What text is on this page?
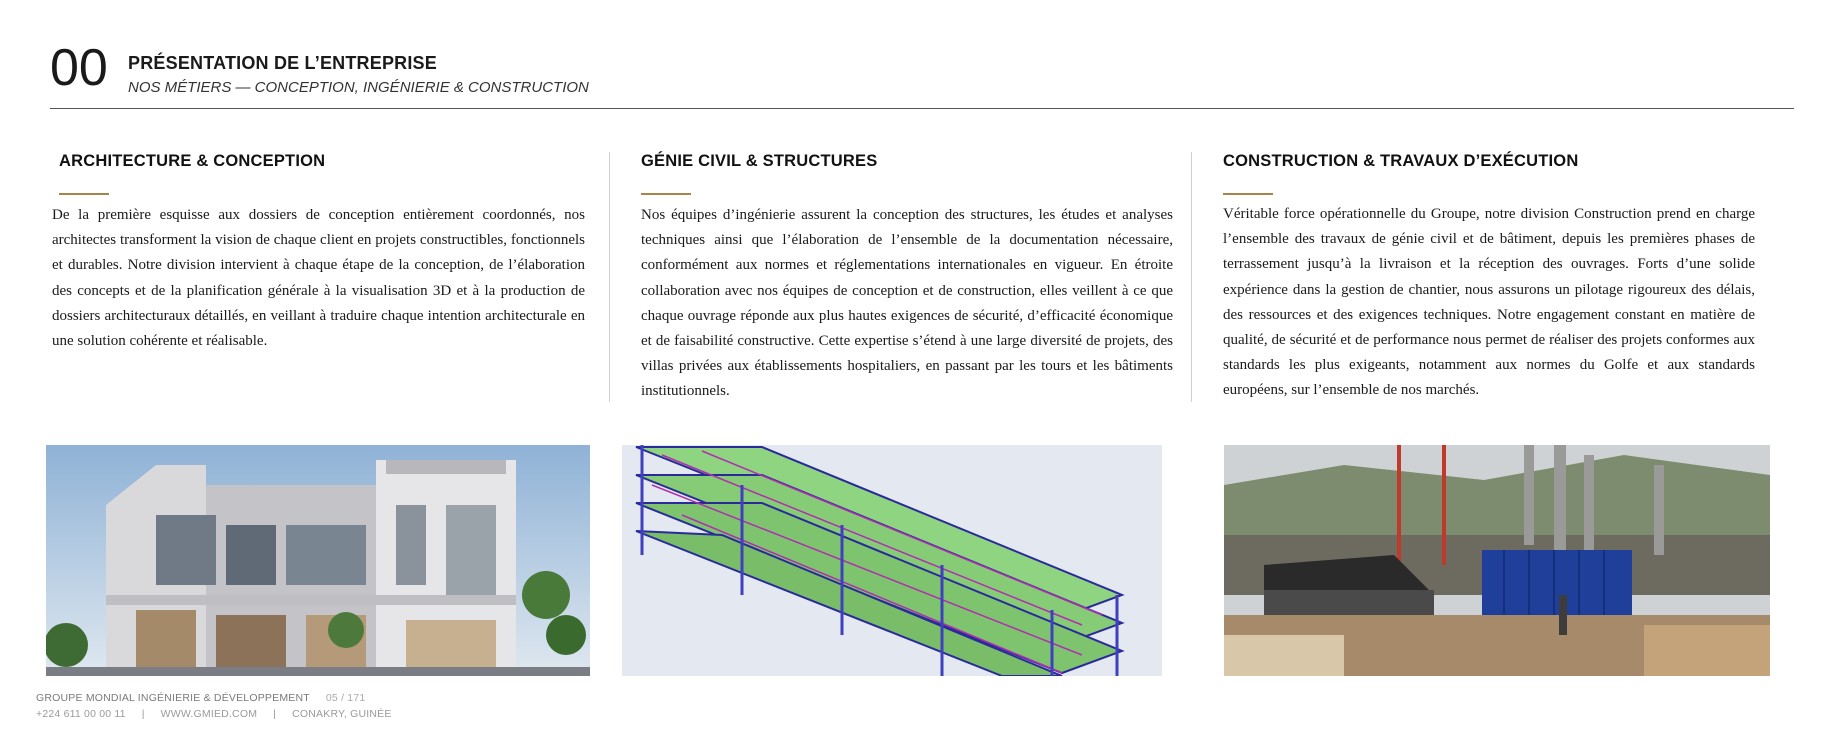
00 PRÉSENTATION DE L’ENTREPRISE
NOS MÉTIERS — CONCEPTION, INGÉNIERIE & CONSTRUCTION
ARCHITECTURE & CONCEPTION

De la première esquisse aux dossiers de conception entièrement coordonnés, nos architectes transforment la vision de chaque client en projets constructibles, fonctionnels et durables. Notre division intervient à chaque étape de la conception, de l’élaboration des concepts et de la planification générale à la visualisation 3D et à la production de dossiers architecturaux détaillés, en veillant à traduire chaque intention architecturale en une solution cohérente et réalisable.

GÉNIE CIVIL & STRUCTURES

Nos équipes d’ingénierie assurent la conception des structures, les études et analyses techniques ainsi que l’élaboration de l’ensemble de la documentation nécessaire, conformément aux normes et réglementations internationales en vigueur. En étroite collaboration avec nos équipes de conception et de construction, elles veillent à ce que chaque ouvrage réponde aux plus hautes exigences de sécurité, d’efficacité économique et de faisabilité constructive. Cette expertise s’étend à une large diversité de projets, des villas privées aux établissements hospitaliers, en passant par les tours et les bâtiments institutionnels.

CONSTRUCTION & TRAVAUX D’EXÉCUTION

Véritable force opérationnelle du Groupe, notre division Construction prend en charge l’ensemble des travaux de génie civil et de bâtiment, depuis les premières phases de terrassement jusqu’à la livraison et la réception des ouvrages. Forts d’une solide expérience dans la gestion de chantier, nous assurons un pilotage rigoureux des délais, des ressources et des exigences techniques. Notre engagement constant en matière de qualité, de sécurité et de performance nous permet de réaliser des projets conformes aux standards les plus exigeants, notamment aux normes du Golfe et aux standards européens, sur l’ensemble de nos marchés.

GROUPE MONDIAL INGÉNIERIE & DÉVELOPPEMENT 05 / 171
+224 611 00 00 11 | WWW.GMIED.COM | CONAKRY, GUINÉE
